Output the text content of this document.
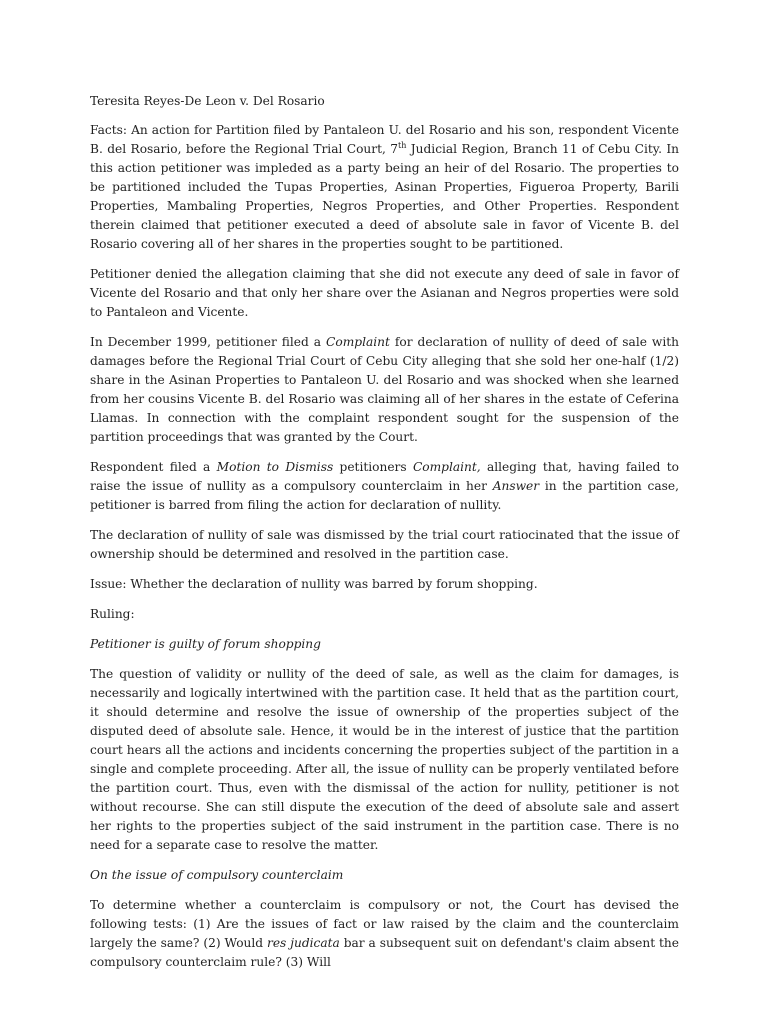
Teresita Reyes-De Leon v. Del Rosario

Facts: An action for Partition filed by Pantaleon U. del Rosario and his son, respondent Vicente B. del Rosario, before the Regional Trial Court, 7th Judicial Region, Branch 11 of Cebu City. In this action petitioner was impleded as a party being an heir of del Rosario. The properties to be partitioned included the Tupas Properties, Asinan Properties, Figueroa Property, Barili Properties, Mambaling Properties, Negros Properties, and Other Properties. Respondent therein claimed that petitioner executed a deed of absolute sale in favor of Vicente B. del Rosario covering all of her shares in the properties sought to be partitioned.

Petitioner denied the allegation claiming that she did not execute any deed of sale in favor of Vicente del Rosario and that only her share over the Asianan and Negros properties were sold to Pantaleon and Vicente.

In December 1999, petitioner filed a Complaint for declaration of nullity of deed of sale with damages before the Regional Trial Court of Cebu City alleging that she sold her one-half (1/2) share in the Asinan Properties to Pantaleon U. del Rosario and was shocked when she learned from her cousins Vicente B. del Rosario was claiming all of her shares in the estate of Ceferina Llamas. In connection with the complaint respondent sought for the suspension of the partition proceedings that was granted by the Court.

Respondent filed a Motion to Dismiss petitioners Complaint, alleging that, having failed to raise the issue of nullity as a compulsory counterclaim in her Answer in the partition case, petitioner is barred from filing the action for declaration of nullity.

The declaration of nullity of sale was dismissed by the trial court ratiocinated that the issue of ownership should be determined and resolved in the partition case.

Issue: Whether the declaration of nullity was barred by forum shopping.

Ruling:

Petitioner is guilty of forum shopping

The question of validity or nullity of the deed of sale, as well as the claim for damages, is necessarily and logically intertwined with the partition case. It held that as the partition court, it should determine and resolve the issue of ownership of the properties subject of the disputed deed of absolute sale. Hence, it would be in the interest of justice that the partition court hears all the actions and incidents concerning the properties subject of the partition in a single and complete proceeding. After all, the issue of nullity can be properly ventilated before the partition court. Thus, even with the dismissal of the action for nullity, petitioner is not without recourse. She can still dispute the execution of the deed of absolute sale and assert her rights to the properties subject of the said instrument in the partition case. There is no need for a separate case to resolve the matter.

On the issue of compulsory counterclaim

To determine whether a counterclaim is compulsory or not, the Court has devised the following tests: (1) Are the issues of fact or law raised by the claim and the counterclaim largely the same? (2) Would res judicata bar a subsequent suit on defendant's claim absent the compulsory counterclaim rule? (3) Will
